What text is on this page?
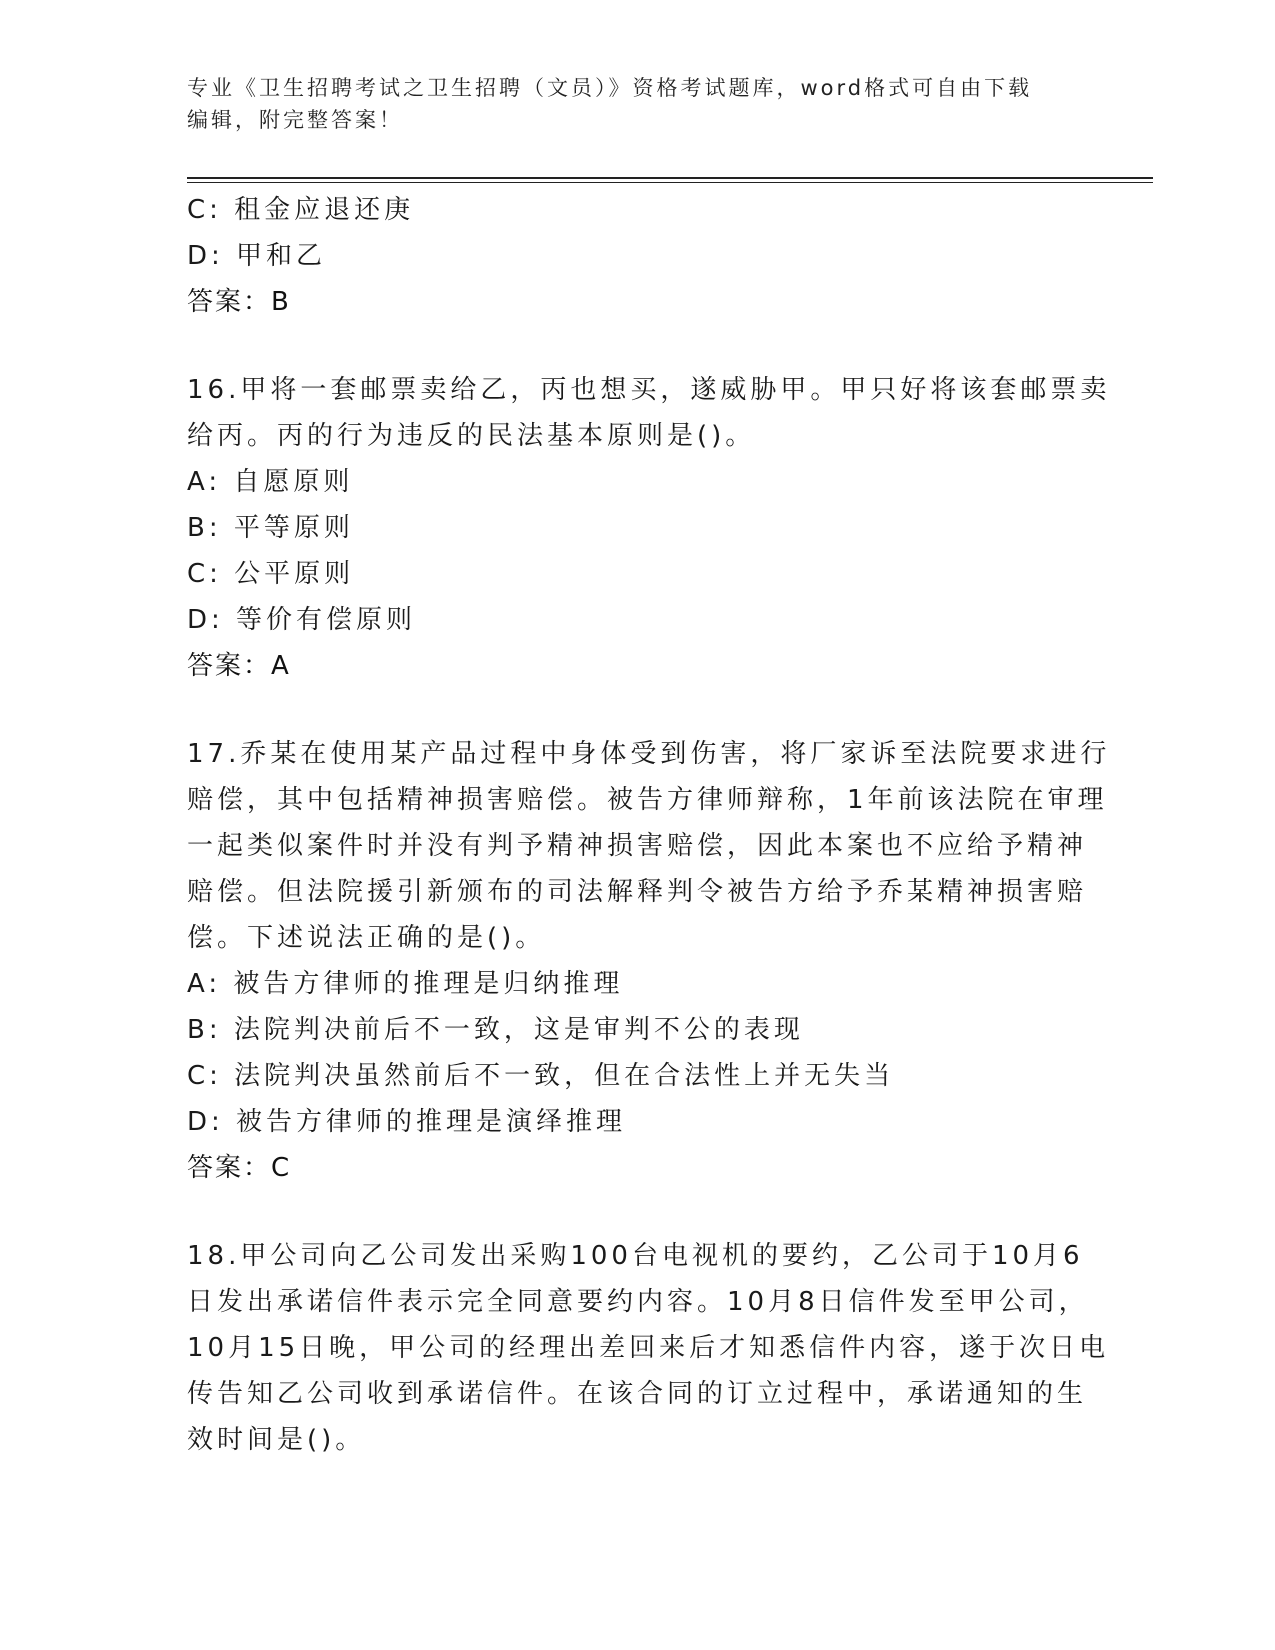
专业《卫生招聘考试之卫生招聘（文员）》资格考试题库，word格式可自由下载
编辑，附完整答案！
C: 租金应退还庚
D: 甲和乙
答案：B
16.甲将一套邮票卖给乙，丙也想买，遂威胁甲。甲只好将该套邮票卖
给丙。丙的行为违反的民法基本原则是()。
A: 自愿原则
B: 平等原则
C: 公平原则
D: 等价有偿原则
答案：A
17.乔某在使用某产品过程中身体受到伤害，将厂家诉至法院要求进行
赔偿，其中包括精神损害赔偿。被告方律师辩称，1年前该法院在审理
一起类似案件时并没有判予精神损害赔偿，因此本案也不应给予精神
赔偿。但法院援引新颁布的司法解释判令被告方给予乔某精神损害赔
偿。下述说法正确的是()。
A: 被告方律师的推理是归纳推理
B: 法院判决前后不一致，这是审判不公的表现
C: 法院判决虽然前后不一致，但在合法性上并无失当
D: 被告方律师的推理是演绎推理
答案：C
18.甲公司向乙公司发出采购100台电视机的要约，乙公司于10月6
日发出承诺信件表示完全同意要约内容。10月8日信件发至甲公司，
10月15日晚，甲公司的经理出差回来后才知悉信件内容，遂于次日电
传告知乙公司收到承诺信件。在该合同的订立过程中，承诺通知的生
效时间是()。
